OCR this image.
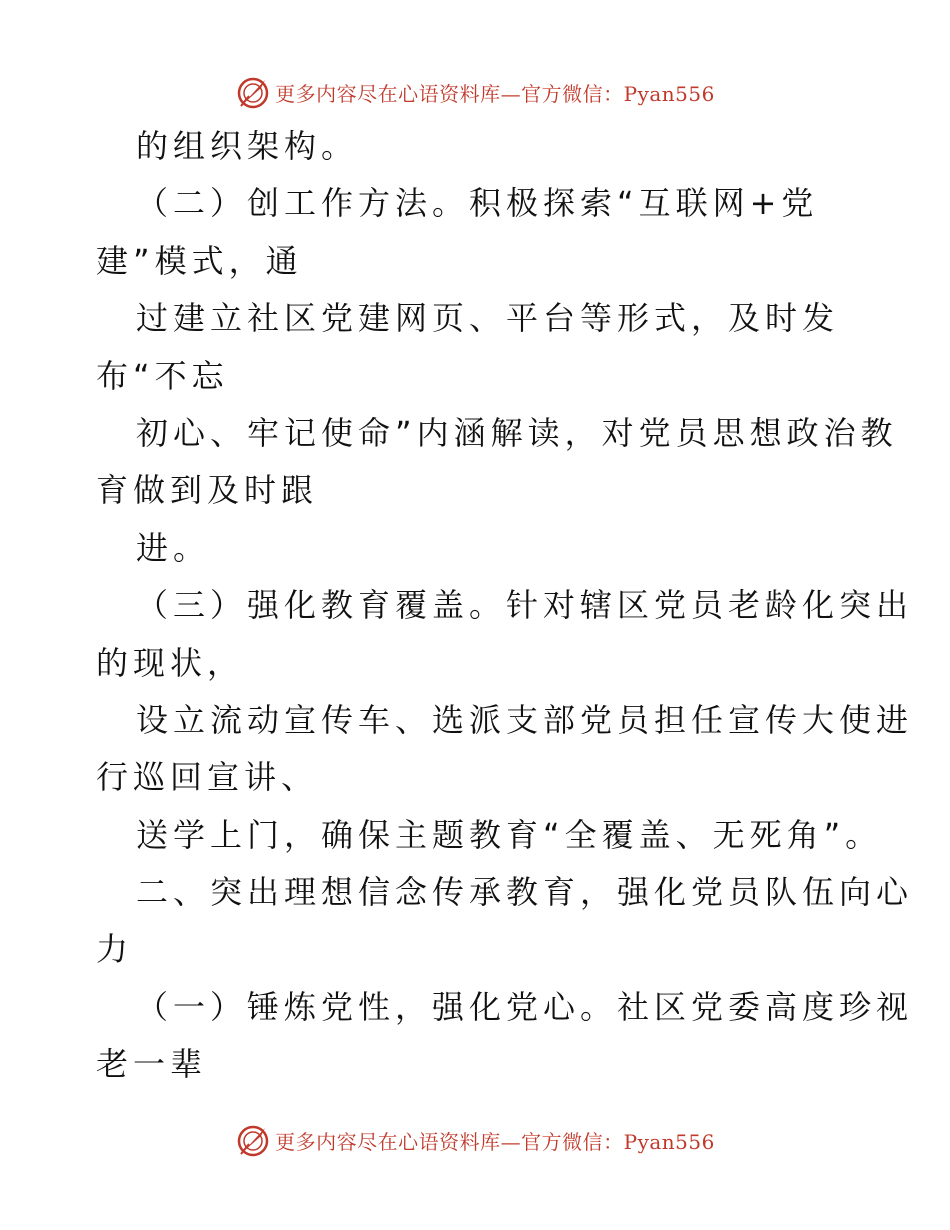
更多内容尽在心语资料库—官方微信：Pyan556
的组织架构。
（二）创工作方法。积极探索“互联网+党
建”模式，通
过建立社区党建网页、平台等形式，及时发
布“不忘
初心、牢记使命”内涵解读，对党员思想政治教
育做到及时跟
进。
（三）强化教育覆盖。针对辖区党员老龄化突出
的现状，
设立流动宣传车、选派支部党员担任宣传大使进
行巡回宣讲、
送学上门，确保主题教育“全覆盖、无死角”。
二、突出理想信念传承教育，强化党员队伍向心
力
（一）锤炼党性，强化党心。社区党委高度珍视
老一辈
更多内容尽在心语资料库—官方微信：Pyan556
